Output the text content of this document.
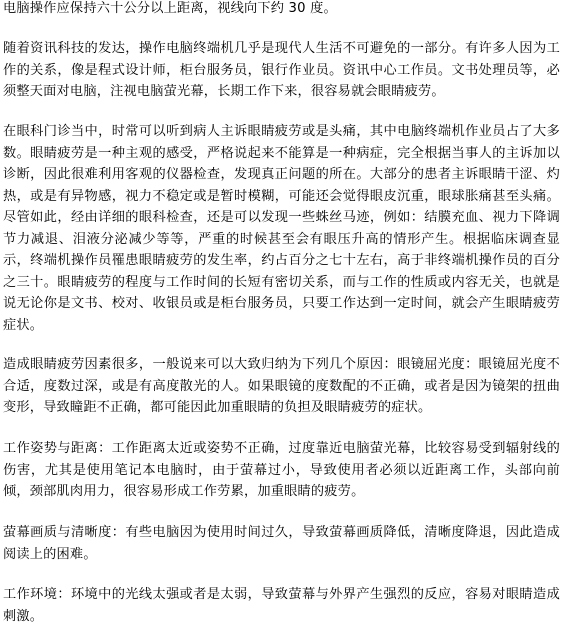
电脑操作应保持六十公分以上距离，视线向下约 30 度。

随着资讯科技的发达，操作电脑终端机几乎是现代人生活不可避免的一部分。有许多人因为工作的关系，像是程式设计师，柜台服务员，银行作业员。资讯中心工作员。文书处理员等，必须整天面对电脑，注视电脑萤光幕，长期工作下来，很容易就会眼睛疲劳。

在眼科门诊当中，时常可以听到病人主诉眼睛疲劳或是头痛，其中电脑终端机作业员占了大多数。眼睛疲劳是一种主观的感受，严格说起来不能算是一种病症，完全根据当事人的主诉加以诊断，因此很难利用客观的仪器检查，发现真正问题的所在。大部分的患者主诉眼睛干涩、灼热，或是有异物感，视力不稳定或是暂时模糊，可能还会觉得眼皮沉重，眼球胀痛甚至头痛。尽管如此，经由详细的眼科检查，还是可以发现一些蛛丝马迹，例如：结膜充血、视力下降调节力减退、泪液分泌减少等等，严重的时候甚至会有眼压升高的情形产生。根据临床调查显示，终端机操作员罹患眼睛疲劳的发生率，约占百分之七十左右，高于非终端机操作员的百分之三十。眼睛疲劳的程度与工作时间的长短有密切关系，而与工作的性质或内容无关，也就是说无论你是文书、校对、收银员或是柜台服务员，只要工作达到一定时间，就会产生眼睛疲劳症状。

造成眼睛疲劳因素很多，一般说来可以大致归纳为下列几个原因：眼镜屈光度：眼镜屈光度不合适，度数过深，或是有高度散光的人。如果眼镜的度数配的不正确，或者是因为镜架的扭曲变形，导致瞳距不正确，都可能因此加重眼睛的负担及眼睛疲劳的症状。

工作姿势与距离：工作距离太近或姿势不正确，过度靠近电脑萤光幕，比较容易受到辐射线的伤害，尤其是使用笔记本电脑时，由于萤幕过小，导致使用者必须以近距离工作，头部向前倾，颈部肌肉用力，很容易形成工作劳累，加重眼睛的疲劳。

萤幕画质与清晰度：有些电脑因为使用时间过久，导致萤幕画质降低，清晰度降退，因此造成阅读上的困难。

工作环境：环境中的光线太强或者是太弱，导致萤幕与外界产生强烈的反应，容易对眼睛造成刺激。
